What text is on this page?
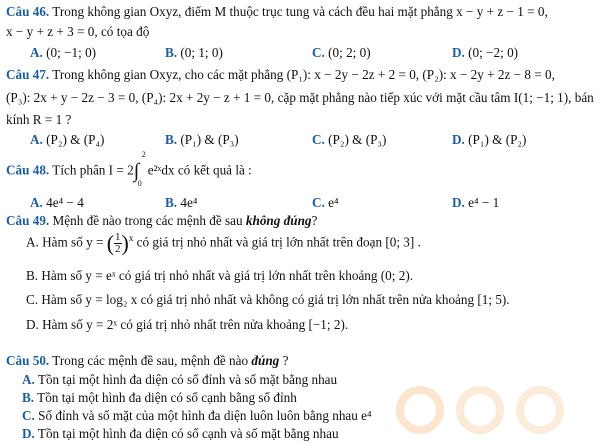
Câu 46. Trong không gian Oxyz, điểm M thuộc trục tung và cách đều hai mặt phẳng x − y + z − 1 = 0,
x − y + z + 3 = 0, có tọa độ
A. (0; −1; 0)	B. (0; 1; 0)	C. (0; 2; 0)	D. (0; −2; 0)
Câu 47. Trong không gian Oxyz, cho các mặt phẳng (P₁): x − 2y − 2z + 2 = 0, (P₂): x − 2y + 2z − 8 = 0,
(P₃): 2x + y − 2z − 3 = 0, (P₄): 2x + 2y − z + 1 = 0, cặp mặt phẳng nào tiếp xúc với mặt cầu tâm I(1; −1; 1), bán
kính R = 1 ?
A. (P₂) & (P₄)	B. (P₁) & (P₃)	C. (P₂) & (P₃)	D. (P₁) & (P₂)
Câu 48. Tích phân I = 2∫
2
0
e²ˣdx có kết quả là :
A. 4e⁴ − 4	B. 4e⁴	C. e⁴	D. e⁴ − 1
Câu 49. Mệnh đề nào trong các mệnh đề sau không đúng?
A. Hàm số y = ( $\frac{1}{2} )^x$ có giá trị nhỏ nhất và giá trị lớn nhất trên đoạn [0; 3] .
B. Hàm số y = eˣ có giá trị nhỏ nhất và giá trị lớn nhất trên khoảng (0; 2).
C. Hàm số y = log₂ x có giá trị nhỏ nhất và không có giá trị lớn nhất trên nửa khoảng [1; 5).
D. Hàm số y = 2ˣ có giá trị nhỏ nhất trên nửa khoảng [−1; 2).
Câu 50. Trong các mệnh đề sau, mệnh đề nào đúng ?
A. Tồn tại một hình đa diện có số đỉnh và số mặt bằng nhau
B. Tồn tại một hình đa diện có số cạnh bằng số đỉnh
C. Số đỉnh và số mặt của một hình đa diện luôn luôn bằng nhau e⁴
D. Tồn tại một hình đa diện có số cạnh và số mặt bằng nhau
